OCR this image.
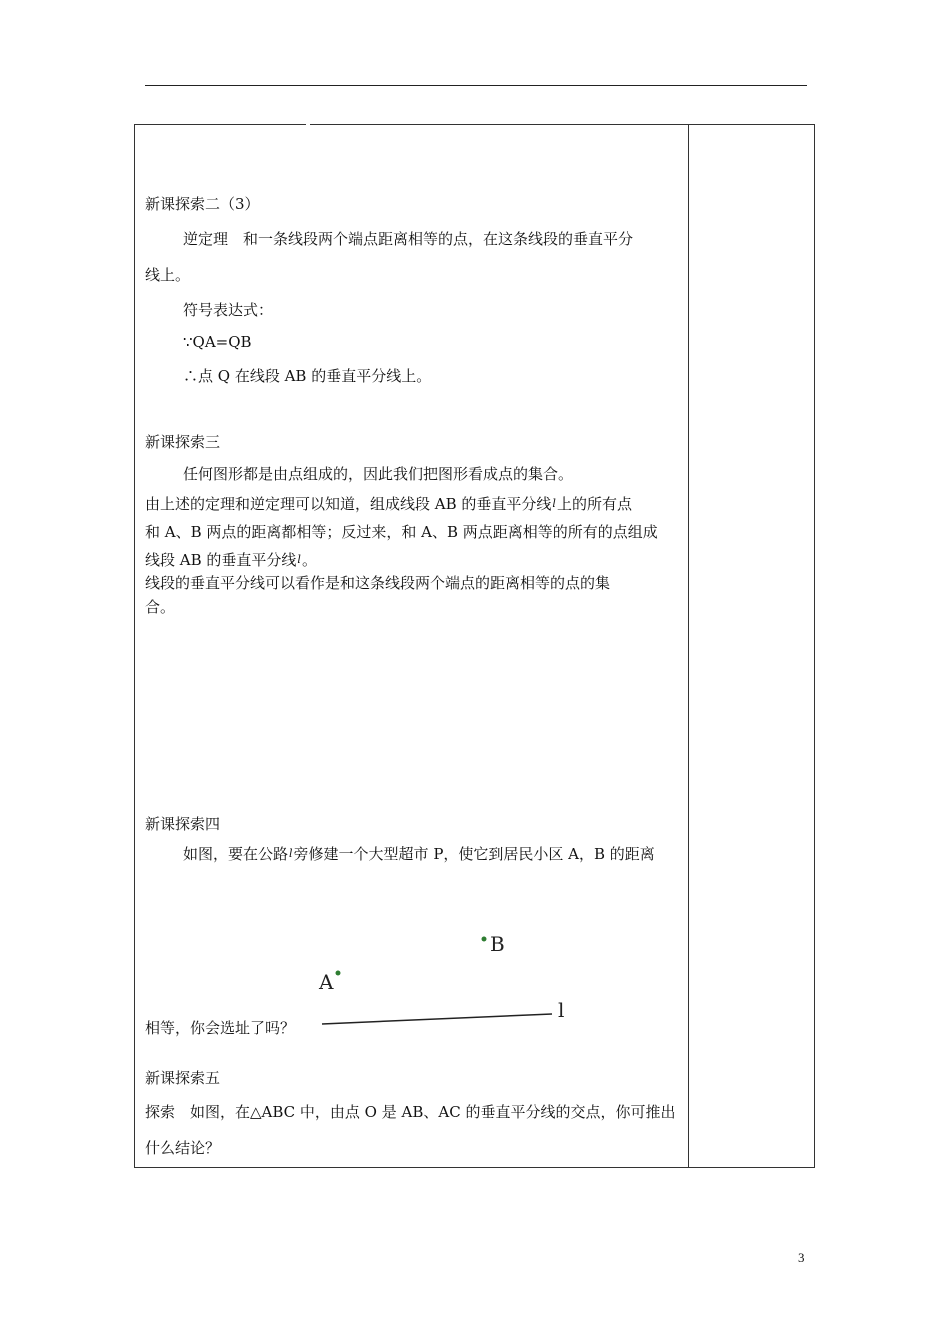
新课探索二（3）
逆定理　和一条线段两个端点距离相等的点，在这条线段的垂直平分
线上。
符号表达式：
∵QA=QB
∴点 Q 在线段 AB 的垂直平分线上。
新课探索三
任何图形都是由点组成的，因此我们把图形看成点的集合。
由上述的定理和逆定理可以知道，组成线段 AB 的垂直平分线$^l$上的所有点
和 A、B 两点的距离都相等；反过来，和 A、B 两点距离相等的所有的点组成
线段 AB 的垂直平分线$^l$。
线段的垂直平分线可以看作是和这条线段两个端点的距离相等的点的集
合。
新课探索四
如图，要在公路$^l$旁修建一个大型超市 P，使它到居民小区 A，B 的距离
相等，你会选址了吗？
B
A
l
新课探索五
探索　如图，在△ABC 中，由点 O 是 AB、AC 的垂直平分线的交点，你可推出
什么结论？
3
